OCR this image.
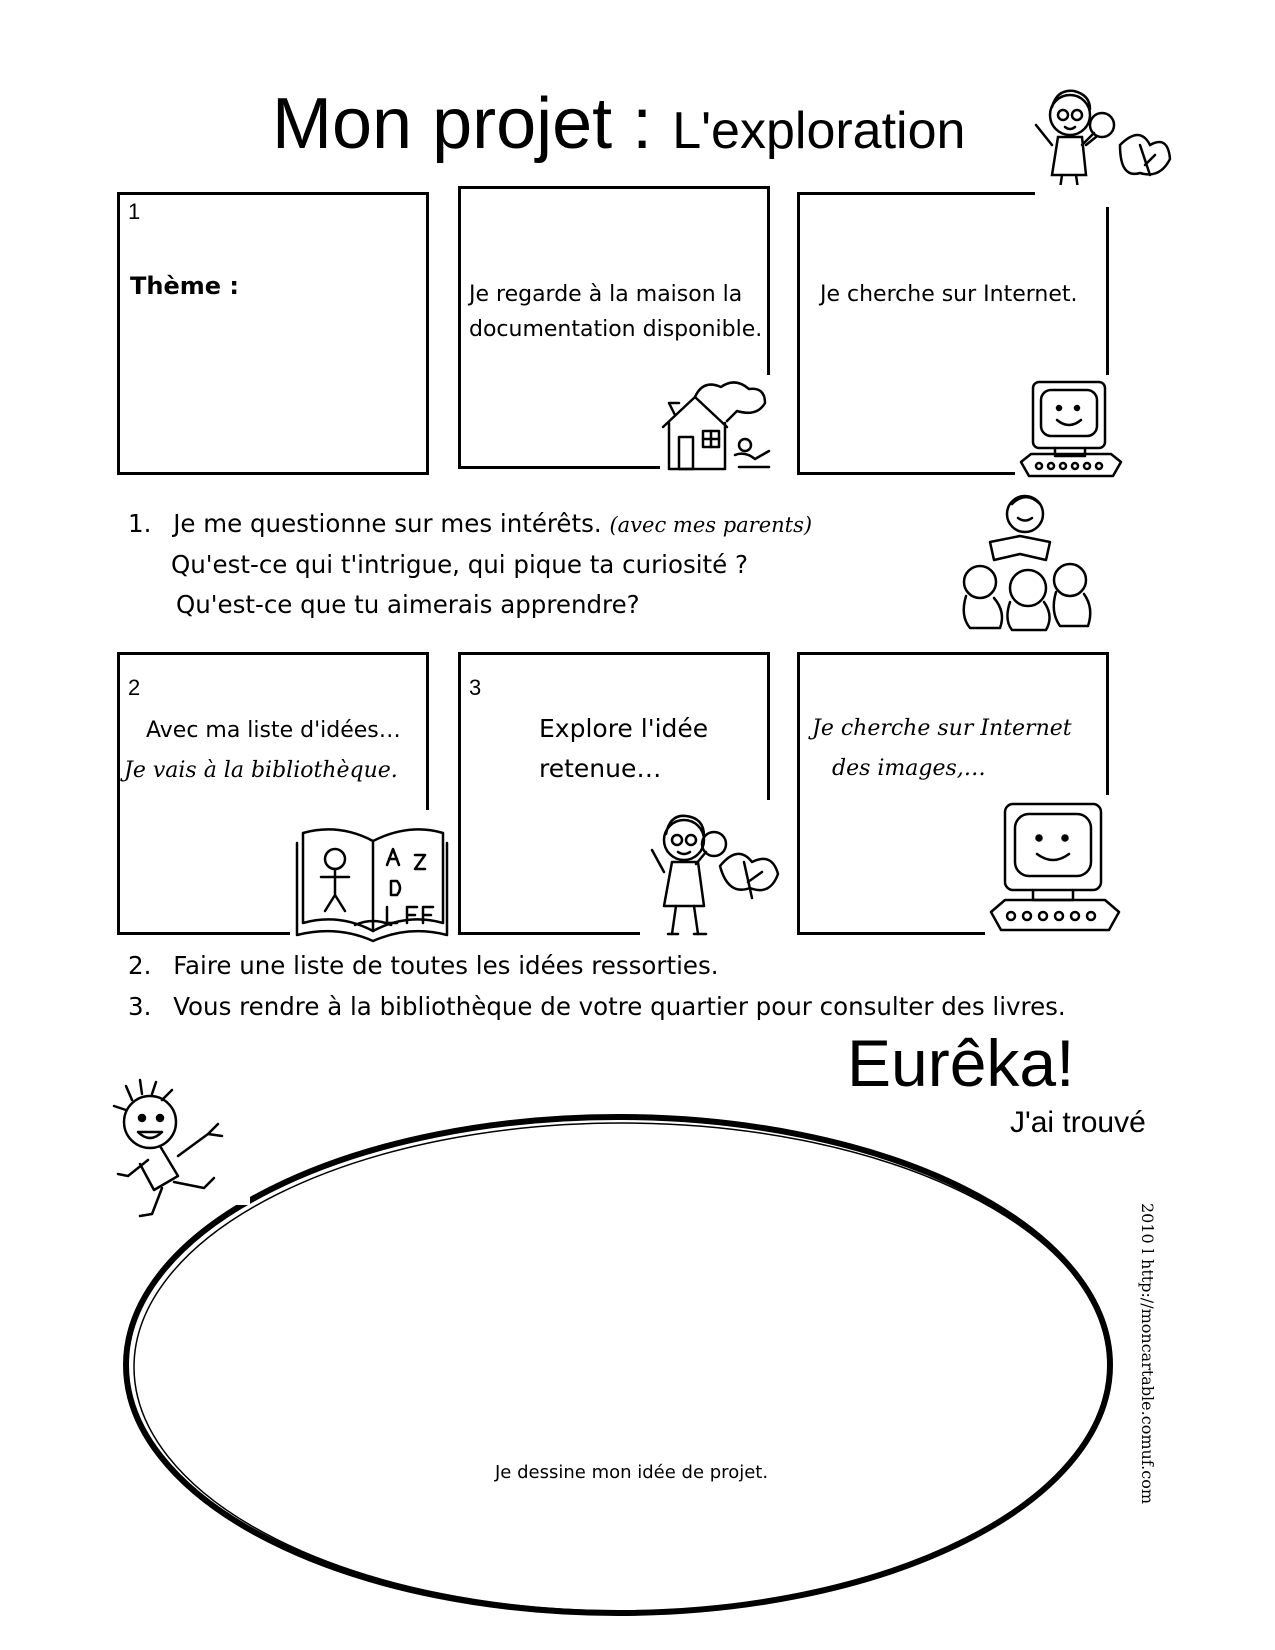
Mon projet : L'exploration
1
Thème :	Je regarde à la maison la
documentation disponible.
Je cherche sur Internet.
1. Je me questionne sur mes intérêts. (avec mes parents)
Qu'est-ce qui t'intrigue, qui pique ta curiosité ?
Qu'est-ce que tu aimerais apprendre?
2
Avec ma liste d'idées…
Je vais à la bibliothèque.
3
Explore l'idée
retenue…
Je cherche sur Internet
des images,…
2. Faire une liste de toutes les idées ressorties.
3. Vous rendre à la bibliothèque de votre quartier pour consulter des livres.
Eurêka!
J'ai trouvé
Je dessine mon idée de projet.	2010 l http://moncartable.comuf.com
